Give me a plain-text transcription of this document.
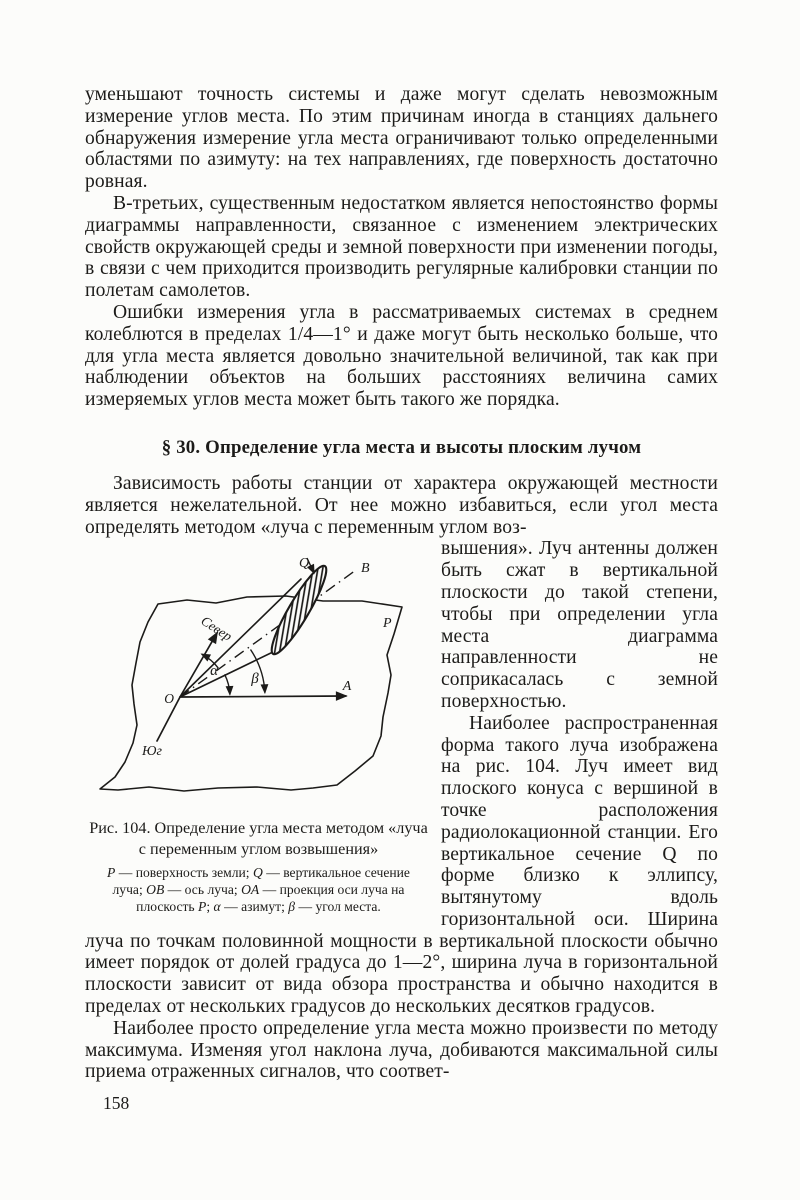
уменьшают точность системы и даже могут сделать невозможным измерение углов места. По этим причинам иногда в станциях дальнего обнаружения измерение угла места ограничивают только определенными областями по азимуту: на тех направлениях, где поверхность достаточно ровная.

В-третьих, существенным недостатком является непостоянство формы диаграммы направленности, связанное с изменением электрических свойств окружающей среды и земной поверхности при изменении погоды, в связи с чем приходится производить регулярные калибровки станции по полетам самолетов.

Ошибки измерения угла в рассматриваемых системах в среднем колеблются в пределах 1/4—1° и даже могут быть несколько больше, что для угла места является довольно значительной величиной, так как при наблюдении объектов на больших расстояниях величина самих измеряемых углов места может быть такого же порядка.

§ 30. Определение угла места и высоты плоским лучом

Зависимость работы станции от характера окружающей местности является нежелательной. От нее можно избавиться, если угол места определять методом «луча с переменным углом воз-

Q	В
Север	P
α β
O
A
Юг
Рис. 104. Определение угла места методом «луча с переменным углом возвышения»
P — поверхность земли; Q — вертикальное сечение луча; OB — ось луча; OA — проекция оси луча на плоскость P; α — азимут; β — угол места.

вышения». Луч антенны должен быть сжат в вертикальной плоскости до такой степени, чтобы при определении угла места диаграмма направленности не соприкасалась с земной поверхностью.

Наиболее распространенная форма такого луча изображена на рис. 104. Луч имеет вид плоского конуса с вершиной в точке расположения радиолокационной станции. Его вертикальное сечение Q по форме близко к эллипсу, вытянутому вдоль горизонтальной оси. Ширина луча по точкам половинной мощности в вертикальной плоскости обычно имеет порядок от долей градуса до 1—2°, ширина луча в горизонтальной плоскости зависит от вида обзора пространства и обычно находится в пределах от нескольких градусов до нескольких десятков градусов.

Наиболее просто определение угла места можно произвести по методу максимума. Изменяя угол наклона луча, добиваются максимальной силы приема отраженных сигналов, что соответ-

158
